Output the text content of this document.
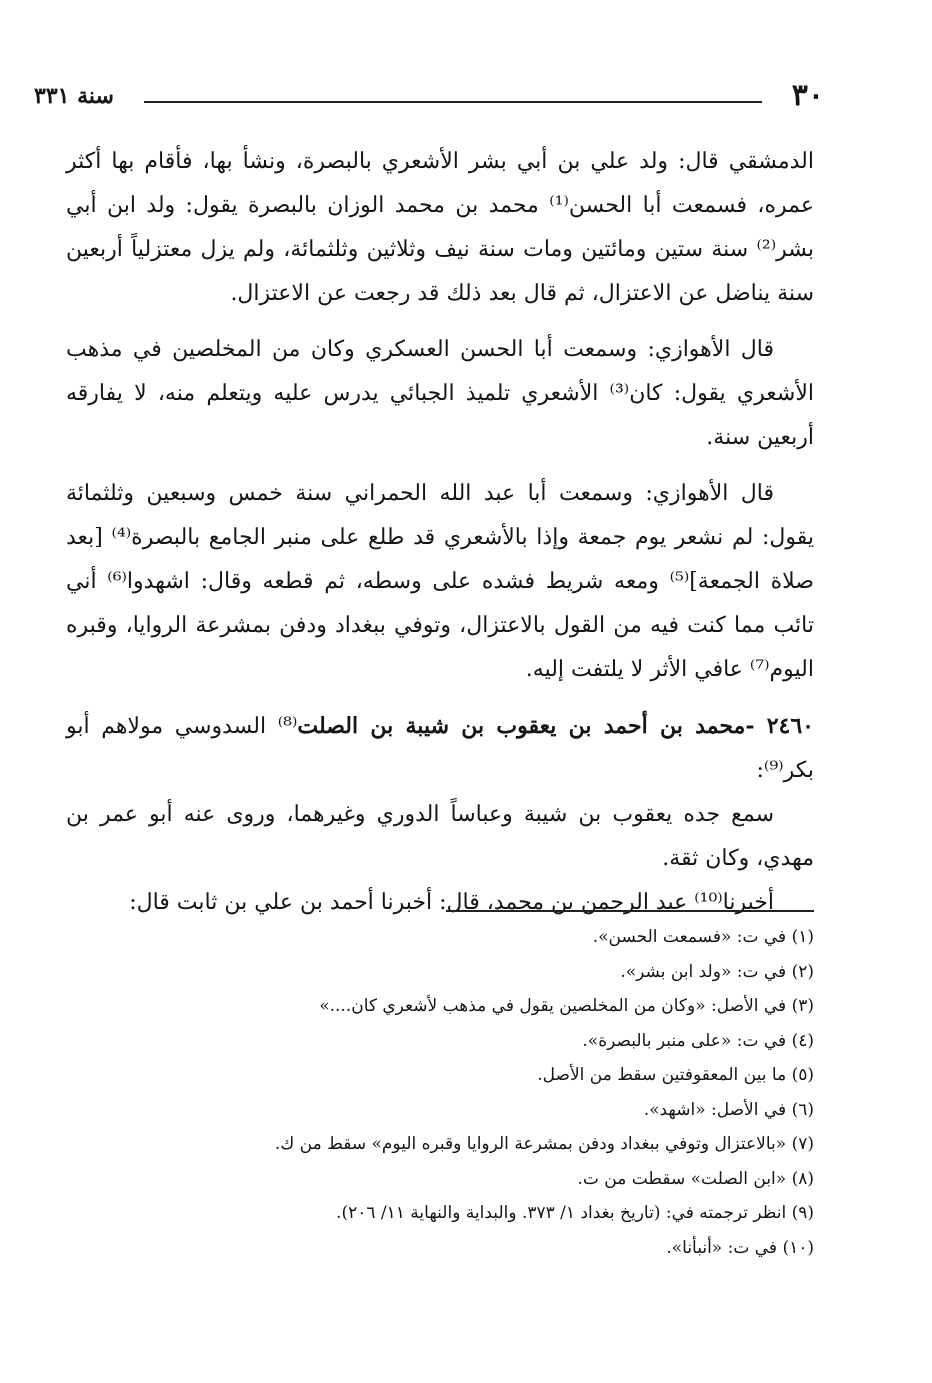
٣٠
سنة ٣٣١

الدمشقي قال: ولد علي بن أبي بشر الأشعري بالبصرة، ونشأ بها، فأقام بها أكثر عمره، فسمعت أبا الحسن⁽¹⁾ محمد بن محمد الوزان بالبصرة يقول: ولد ابن أبي بشر⁽²⁾ سنة ستين ومائتين ومات سنة نيف وثلاثين وثلثمائة، ولم يزل معتزلياً أربعين سنة يناضل عن الاعتزال، ثم قال بعد ذلك قد رجعت عن الاعتزال.

قال الأهوازي: وسمعت أبا الحسن العسكري وكان من المخلصين في مذهب الأشعري يقول: كان⁽³⁾ الأشعري تلميذ الجبائي يدرس عليه ويتعلم منه، لا يفارقه أربعين سنة.

قال الأهوازي: وسمعت أبا عبد الله الحمراني سنة خمس وسبعين وثلثمائة يقول: لم نشعر يوم جمعة وإذا بالأشعري قد طلع على منبر الجامع بالبصرة⁽⁴⁾ [بعد صلاة الجمعة]⁽⁵⁾ ومعه شريط فشده على وسطه، ثم قطعه وقال: اشهدوا⁽⁶⁾ أني تائب مما كنت فيه من القول بالاعتزال، وتوفي ببغداد ودفن بمشرعة الروايا، وقبره اليوم⁽⁷⁾ عافي الأثر لا يلتفت إليه.

٢٤٦٠ -محمد بن أحمد بن يعقوب بن شيبة بن الصلت⁽⁸⁾ السدوسي مولاهم أبو بكر⁽⁹⁾:

سمع جده يعقوب بن شيبة وعباساً الدوري وغيرهما، وروى عنه أبو عمر بن مهدي، وكان ثقة.

أخبرنا⁽¹⁰⁾ عبد الرحمن بن محمد، قال: أخبرنا أحمد بن علي بن ثابت قال:

(١) في ت: «فسمعت الحسن».
(٢) في ت: «ولد ابن بشر».
(٣) في الأصل: «وكان من المخلصين يقول في مذهب لأشعري كان....»
(٤) في ت: «على منبر بالبصرة».
(٥) ما بين المعقوفتين سقط من الأصل.
(٦) في الأصل: «اشهد».
(٧) «بالاعتزال وتوفي ببغداد ودفن بمشرعة الروايا وقبره اليوم» سقط من ك.
(٨) «ابن الصلت» سقطت من ت.
(٩) انظر ترجمته في: (تاريخ بغداد ١/ ٣٧٣. والبداية والنهاية ١١/ ٢٠٦).
(١٠) في ت: «أنبأنا».
